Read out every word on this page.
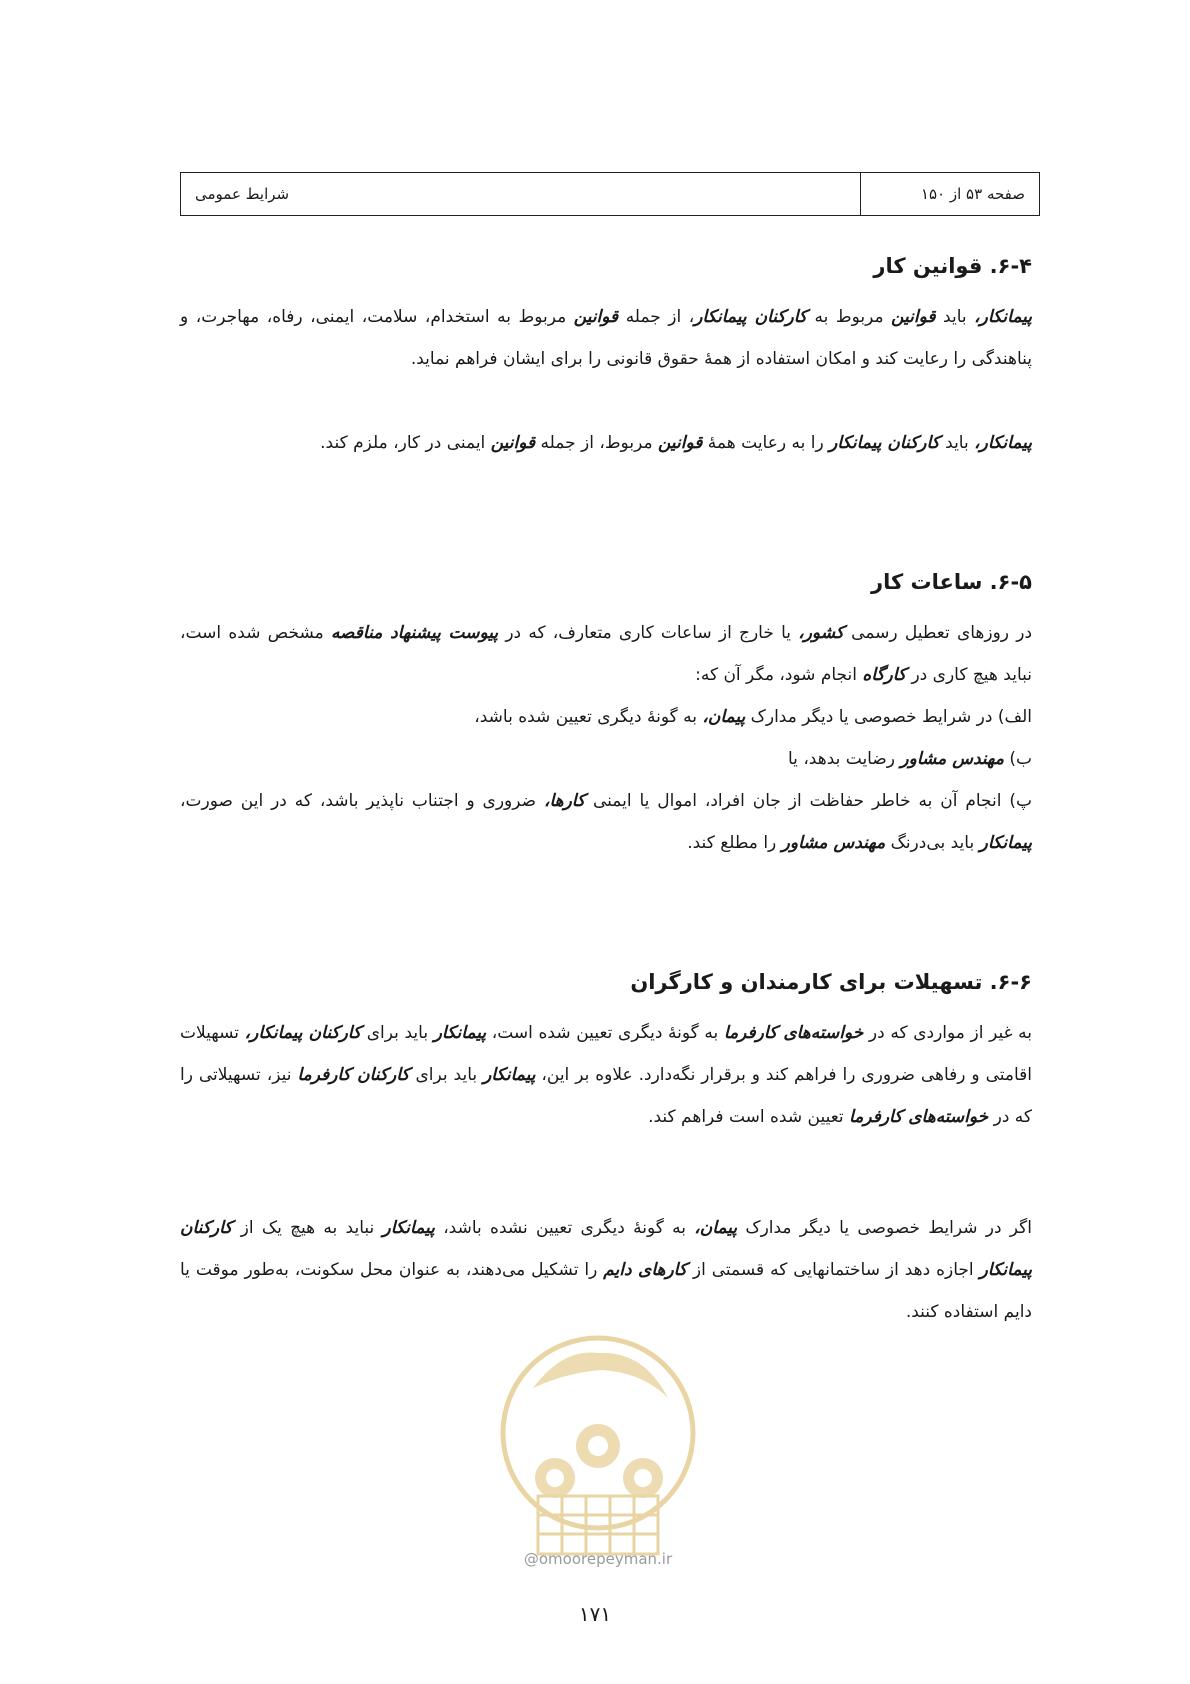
صفحه ۵۳ از ۱۵۰
شرایط عمومی
۶-۴. قوانین کار

پیمانکار، باید قوانین مربوط به کارکنان پیمانکار، از جمله قوانین مربوط به استخدام، سلامت، ایمنی، رفاه، مهاجرت، و پناهندگی را رعایت کند و امکان استفاده از همهٔ حقوق قانونی را برای ایشان فراهم نماید.

پیمانکار، باید کارکنان پیمانکار را به رعایت همهٔ قوانین مربوط، از جمله قوانین ایمنی در کار، ملزم کند.

۶-۵. ساعات کار

در روزهای تعطیل رسمی کشور، یا خارج از ساعات کاری متعارف، که در پیوست پیشنهاد مناقصه مشخص شده است، نباید هیچ کاری در کارگاه انجام شود، مگر آن که:

الف) در شرایط خصوصی یا دیگر مدارک پیمان، به گونهٔ دیگری تعیین شده باشد،

ب) مهندس مشاور رضایت بدهد، یا

پ) انجام آن به خاطر حفاظت از جان افراد، اموال یا ایمنی کارها، ضروری و اجتناب ناپذیر باشد، که در این صورت، پیمانکار باید بی‌درنگ مهندس مشاور را مطلع کند.

۶-۶. تسهیلات برای کارمندان و کارگران

به غیر از مواردی که در خواسته‌های کارفرما به گونهٔ دیگری تعیین شده است، پیمانکار باید برای کارکنان پیمانکار، تسهیلات اقامتی و رفاهی ضروری را فراهم کند و برقرار نگه‌دارد. علاوه بر این، پیمانکار باید برای کارکنان کارفرما نیز، تسهیلاتی را که در خواسته‌های کارفرما تعیین شده است فراهم کند.

اگر در شرایط خصوصی یا دیگر مدارک پیمان، به گونهٔ دیگری تعیین نشده باشد، پیمانکار نباید به هیچ یک از کارکنان پیمانکار اجازه دهد از ساختمانهایی که قسمتی از کارهای دایم را تشکیل می‌دهند، به عنوان محل سکونت، به‌طور موقت یا دایم استفاده کنند.

@omoorepeyman.ir
۱۷۱
